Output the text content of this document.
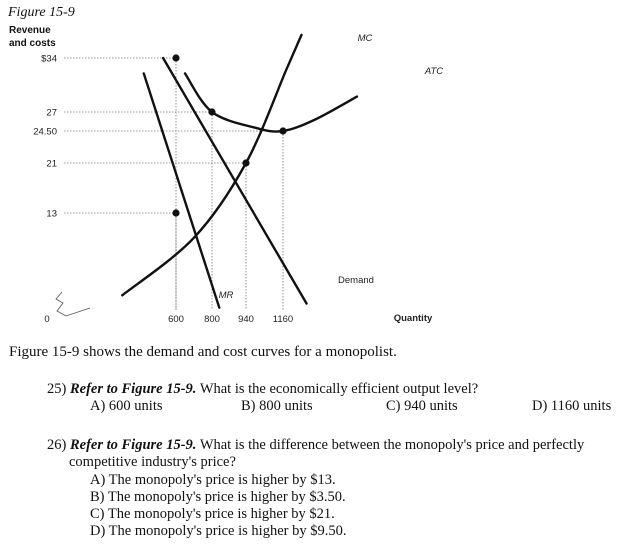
Figure 15-9
Revenue
and costs
$34
27
24.50
21
13
600 800 940 1160
0	Quantity
Demand
MR
MC
ATC
Figure 15-9 shows the demand and cost curves for a monopolist.
25) Refer to Figure 15-9. What is the economically efficient output level?
A) 600 units	B) 800 units	C) 940 units	D) 1160 units
26) Refer to Figure 15-9. What is the difference between the monopoly's price and perfectly
competitive industry's price?
A) The monopoly's price is higher by $13.
B) The monopoly's price is higher by $3.50.
C) The monopoly's price is higher by $21.
D) The monopoly's price is higher by $9.50.
